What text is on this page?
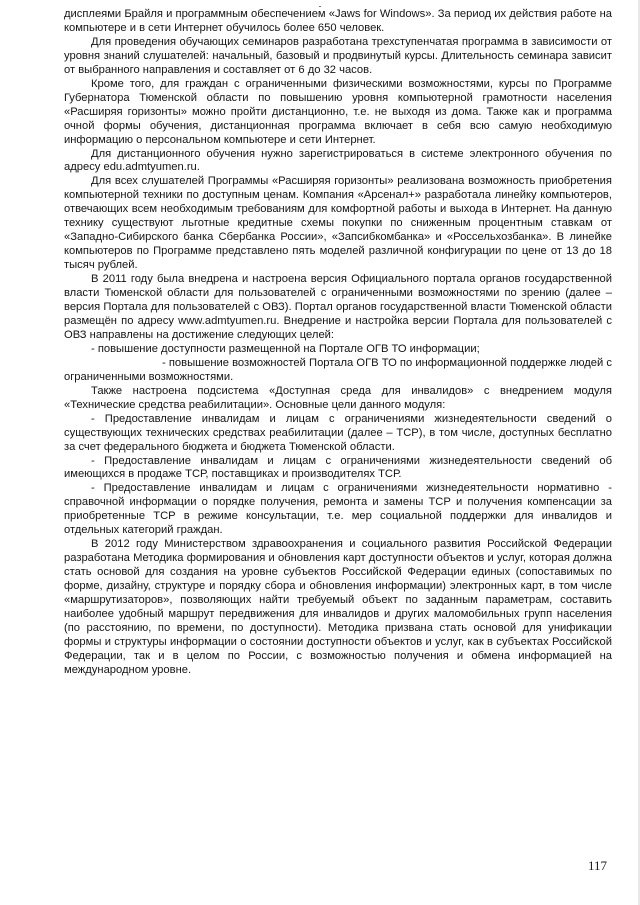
дисплеями Брайля и программным обеспечением «Jaws for Windows». За период их действия работе на компьютере и в сети Интернет обучилось более 650 человек.

Для проведения обучающих семинаров разработана трехступенчатая программа в зависимости от уровня знаний слушателей: начальный, базовый и продвинутый курсы. Длительность семинара зависит от выбранного направления и составляет от 6 до 32 часов.

Кроме того, для граждан с ограниченными физическими возможностями, курсы по Программе Губернатора Тюменской области по повышению уровня компьютерной грамотности населения «Расширяя горизонты» можно пройти дистанционно, т.е. не выходя из дома. Также как и программа очной формы обучения, дистанционная программа включает в себя всю самую необходимую информацию о персональном компьютере и сети Интернет.

Для дистанционного обучения нужно зарегистрироваться в системе электронного обучения по адресу edu.admtyumen.ru.

Для всех слушателей Программы «Расширяя горизонты» реализована возможность приобретения компьютерной техники по доступным ценам. Компания «Арсенал+» разработала линейку компьютеров, отвечающих всем необходимым требованиям для комфортной работы и выхода в Интернет. На данную технику существуют льготные кредитные схемы покупки по сниженным процентным ставкам от «Западно-Сибирского банка Сбербанка России», «Запсибкомбанка» и «Россельхозбанка». В линейке компьютеров по Программе представлено пять моделей различной конфигурации по цене от 13 до 18 тысяч рублей.

В 2011 году была внедрена и настроена версия Официального портала органов государственной власти Тюменской области для пользователей с ограниченными возможностями по зрению (далее – версия Портала для пользователей с ОВЗ). Портал органов государственной власти Тюменской области размещён по адресу www.admtyumen.ru. Внедрение и настройка версии Портала для пользователей с ОВЗ направлены на достижение следующих целей:

- повышение доступности размещенной на Портале ОГВ ТО информации;

- повышение возможностей Портала ОГВ ТО по информационной поддержке людей с ограниченными возможностями.

Также настроена подсистема «Доступная среда для инвалидов» с внедрением модуля «Технические средства реабилитации». Основные цели данного модуля:

- Предоставление инвалидам и лицам с ограничениями жизнедеятельности сведений о существующих технических средствах реабилитации (далее – ТСР), в том числе, доступных бесплатно за счет федерального бюджета и бюджета Тюменской области.

- Предоставление инвалидам и лицам с ограничениями жизнедеятельности сведений об имеющихся в продаже ТСР, поставщиках и производителях ТСР.

- Предоставление инвалидам и лицам с ограничениями жизнедеятельности нормативно - справочной информации о порядке получения, ремонта и замены ТСР и получения компенсации за приобретенные ТСР в режиме консультации, т.е. мер социальной поддержки для инвалидов и отдельных категорий граждан.

В 2012 году Министерством здравоохранения и социального развития Российской Федерации разработана Методика формирования и обновления карт доступности объектов и услуг, которая должна стать основой для создания на уровне субъектов Российской Федерации единых (сопоставимых по форме, дизайну, структуре и порядку сбора и обновления информации) электронных карт, в том числе «маршрутизаторов», позволяющих найти требуемый объект по заданным параметрам, составить наиболее удобный маршрут передвижения для инвалидов и других маломобильных групп населения (по расстоянию, по времени, по доступности). Методика призвана стать основой для унификации формы и структуры информации о состоянии доступности объектов и услуг, как в субъектах Российской Федерации, так и в целом по России, с возможностью получения и обмена информацией на международном уровне.

117
